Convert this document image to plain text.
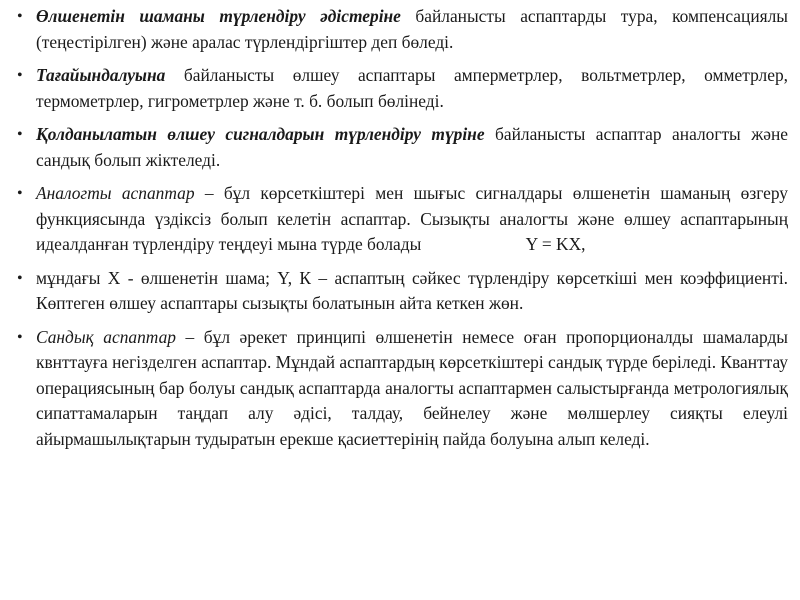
• Өлшенетін шаманы түрлендіру әдістеріне байланысты аспаптарды тура, компенсациялы (теңестірілген) және аралас түрлендіргіштер деп бөледі.
• Тағайындалуына байланысты өлшеу аспаптары амперметрлер, вольтметрлер, омметрлер, термометрлер, гигрометрлер және т. б. болып бөлінеді.
• Қолданылатын өлшеу сигналдарын түрлендіру түріне байланысты аспаптар аналогты және сандық болып жіктеледі.
• Аналогты аспаптар – бұл көрсеткіштері мен шығыс сигналдары өлшенетін шаманың өзгеру функциясында үздіксіз болып келетін аспаптар. Сызықты аналогты және өлшеу аспаптарының идеалданған түрлендіру теңдеуі мына түрде болады	Y = KX,
• мұндағы Х - өлшенетін шама; Y, К – аспаптың сәйкес түрлендіру көрсеткіші мен коэффициенті. Көптеген өлшеу аспаптары сызықты болатынын айта кеткен жөн.
• Сандық аспаптар – бұл әрекет принципі өлшенетін немесе оған пропорционалды шамаларды квнттауға негізделген аспаптар. Мұндай аспаптардың көрсеткіштері сандық түрде беріледі. Кванттау операциясының бар болуы сандық аспаптарда аналогты аспаптармен салыстырғанда метрологиялық сипаттамаларын таңдап алу әдісі, талдау, бейнелеу және мөлшерлеу сияқты елеулі айырмашылықтарын тудыратын ерекше қасиеттерінің пайда болуына алып келеді.
